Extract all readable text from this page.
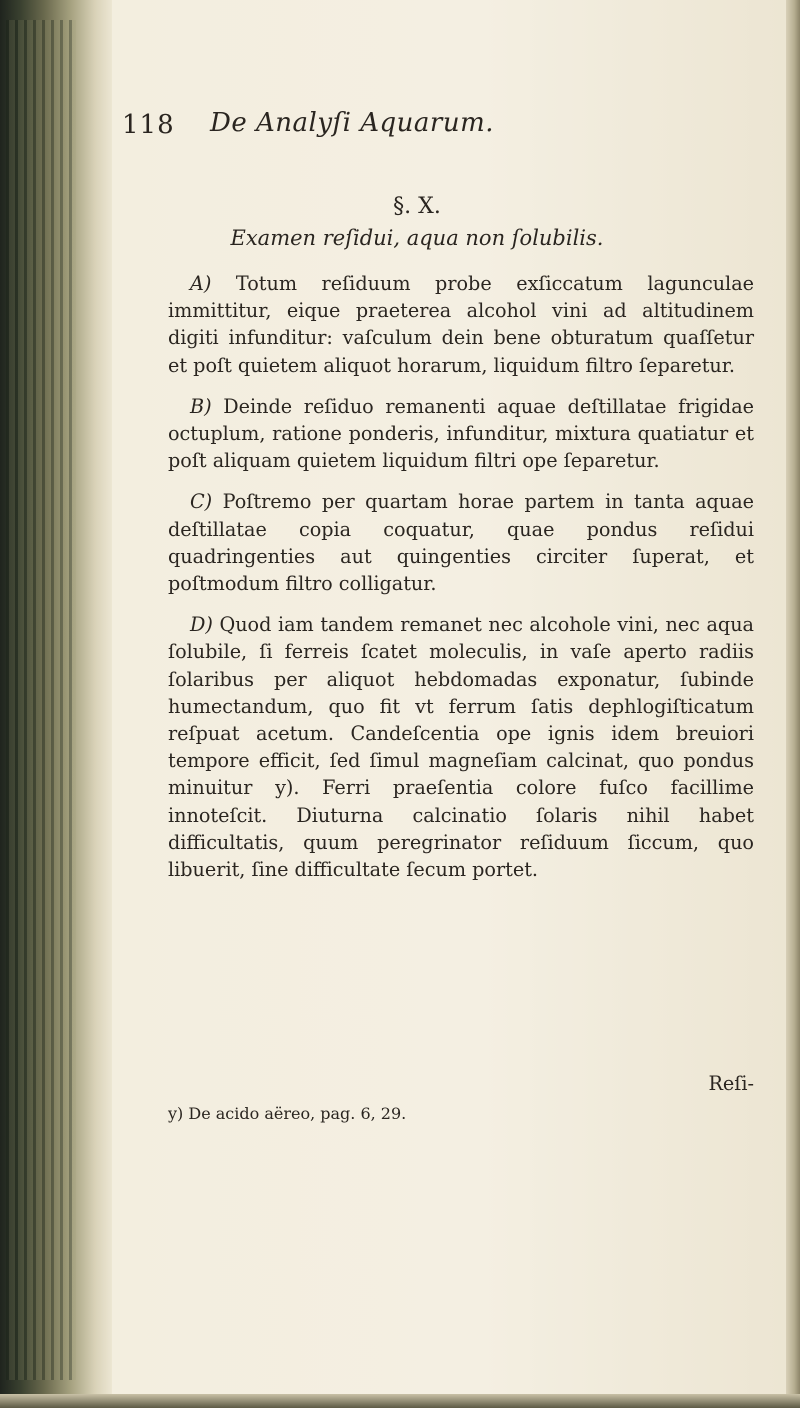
118 De Analyſi Aquarum.
§. X.
Examen reſidui, aqua non ſolubilis.

A) Totum reſiduum probe exſiccatum lagunculae immittitur, eique praeterea alcohol vini ad altitudinem digiti infunditur: vaſculum dein bene obturatum quaſſetur et poſt quietem aliquot horarum, liquidum filtro ſeparetur.

B) Deinde reſiduo remanenti aquae deſtillatae frigidae octuplum, ratione ponderis, infunditur, mixtura quatiatur et poſt aliquam quietem liquidum filtri ope ſeparetur.

C) Poſtremo per quartam horae partem in tanta aquae deſtillatae copia coquatur, quae pondus reſidui quadringenties aut quingenties circiter ſuperat, et poſtmodum filtro colligatur.

D) Quod iam tandem remanet nec alcohole vini, nec aqua ſolubile, ſi ferreis ſcatet moleculis, in vaſe aperto radiis ſolaribus per aliquot hebdomadas exponatur, ſubinde humectandum, quo fit vt ferrum ſatis dephlogiſticatum reſpuat acetum. Candeſcentia ope ignis idem breuiori tempore efficit, ſed ſimul magneſiam calcinat, quo pondus minuitur y). Ferri praeſentia colore fuſco facillime innoteſcit. Diuturna calcinatio ſolaris nihil habet difficultatis, quum peregrinator reſiduum ſiccum, quo libuerit, ſine difficultate ſecum portet.

Reſi-
y) De acido aëreo, pag. 6, 29.
